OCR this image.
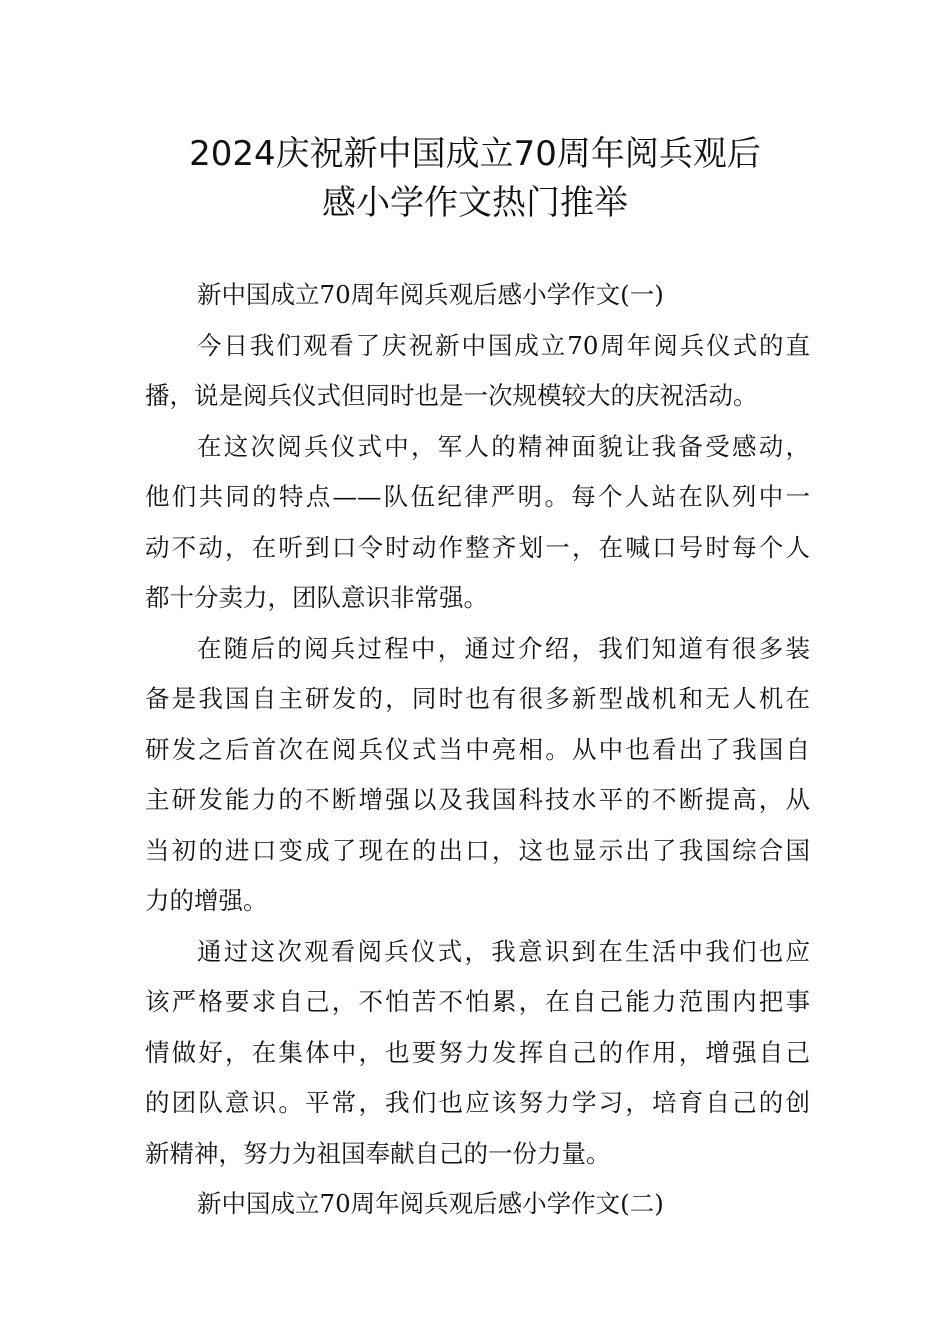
2024庆祝新中国成立70周年阅兵观后
感小学作文热门推举
新中国成立70周年阅兵观后感小学作文(一)
今日我们观看了庆祝新中国成立70周年阅兵仪式的直
播，说是阅兵仪式但同时也是一次规模较大的庆祝活动。
在这次阅兵仪式中，军人的精神面貌让我备受感动，
他们共同的特点——队伍纪律严明。每个人站在队列中一
动不动，在听到口令时动作整齐划一，在喊口号时每个人
都十分卖力，团队意识非常强。
在随后的阅兵过程中，通过介绍，我们知道有很多装
备是我国自主研发的，同时也有很多新型战机和无人机在
研发之后首次在阅兵仪式当中亮相。从中也看出了我国自
主研发能力的不断增强以及我国科技水平的不断提高，从
当初的进口变成了现在的出口，这也显示出了我国综合国
力的增强。
通过这次观看阅兵仪式，我意识到在生活中我们也应
该严格要求自己，不怕苦不怕累，在自己能力范围内把事
情做好，在集体中，也要努力发挥自己的作用，增强自己
的团队意识。平常，我们也应该努力学习，培育自己的创
新精神，努力为祖国奉献自己的一份力量。
新中国成立70周年阅兵观后感小学作文(二)
